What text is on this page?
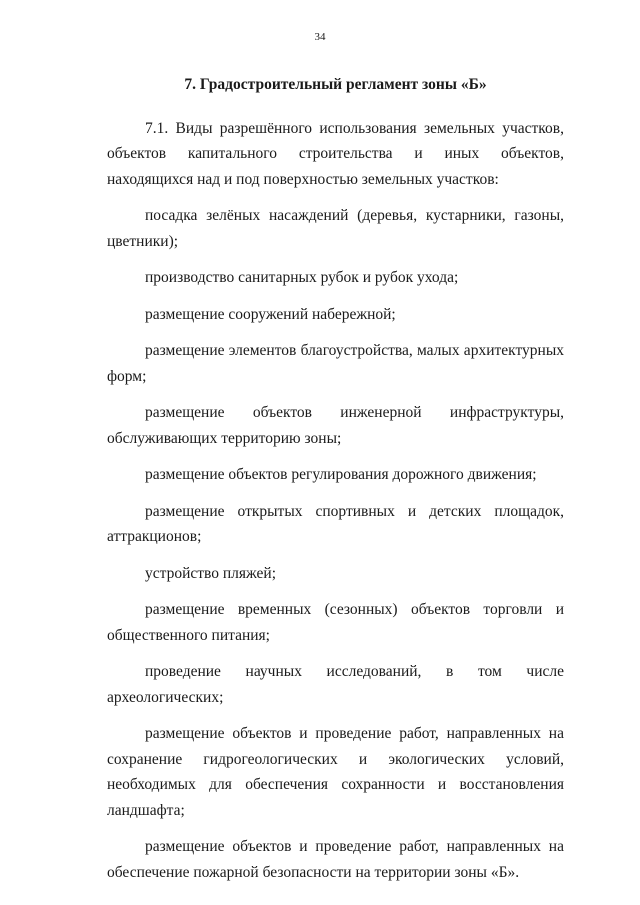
34
7. Градостроительный регламент зоны «Б»

7.1. Виды разрешённого использования земельных участков, объектов капитального строительства и иных объектов, находящихся над и под поверхностью земельных участков:

посадка зелёных насаждений (деревья, кустарники, газоны, цветники);

производство санитарных рубок и рубок ухода;

размещение сооружений набережной;

размещение элементов благоустройства, малых архитектурных форм;

размещение объектов инженерной инфраструктуры, обслуживающих территорию зоны;

размещение объектов регулирования дорожного движения;

размещение открытых спортивных и детских площадок, аттракционов;

устройство пляжей;

размещение временных (сезонных) объектов торговли и общественного питания;

проведение научных исследований, в том числе археологических;

размещение объектов и проведение работ, направленных на сохранение гидрогеологических и экологических условий, необходимых для обеспечения сохранности и восстановления ландшафта;

размещение объектов и проведение работ, направленных на обеспечение пожарной безопасности на территории зоны «Б».
